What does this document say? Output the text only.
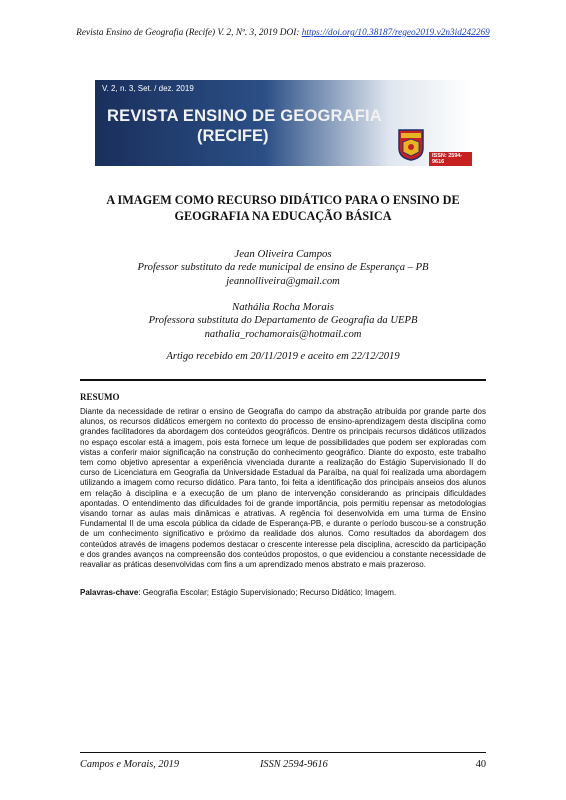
Revista Ensino de Geografia (Recife) V. 2, Nº. 3, 2019 DOI: https://doi.org/10.38187/regeo2019.v2n3id242269
V. 2, n. 3, Set. / dez. 2019
REVISTA ENSINO DE GEOGRAFIA
(RECIFE)
ISSN: 2594-9616
A IMAGEM COMO RECURSO DIDÁTICO PARA O ENSINO DE
GEOGRAFIA NA EDUCAÇÃO BÁSICA
Jean Oliveira Campos
Professor substituto da rede municipal de ensino de Esperança – PB
jeannolliveira@gmail.com
Nathália Rocha Morais
Professora substituta do Departamento de Geografia da UEPB
nathalia_rochamorais@hotmail.com
Artigo recebido em 20/11/2019 e aceito em 22/12/2019
RESUMO

Diante da necessidade de retirar o ensino de Geografia do campo da abstração atribuída por grande parte dos alunos, os recursos didáticos emergem no contexto do processo de ensino-aprendizagem desta disciplina como grandes facilitadores da abordagem dos conteúdos geográficos. Dentre os principais recursos didáticos utilizados no espaço escolar está a imagem, pois esta fornece um leque de possibilidades que podem ser exploradas com vistas a conferir maior significação na construção do conhecimento geográfico. Diante do exposto, este trabalho tem como objetivo apresentar a experiência vivenciada durante a realização do Estágio Supervisionado II do curso de Licenciatura em Geografia da Universidade Estadual da Paraíba, na qual foi realizada uma abordagem utilizando a imagem como recurso didático. Para tanto, foi feita a identificação dos principais anseios dos alunos em relação à disciplina e a execução de um plano de intervenção considerando as principais dificuldades apontadas. O entendimento das dificuldades foi de grande importância, pois permitiu repensar as metodologias visando tornar as aulas mais dinâmicas e atrativas. A regência foi desenvolvida em uma turma de Ensino Fundamental II de uma escola pública da cidade de Esperança-PB, e durante o período buscou-se a construção de um conhecimento significativo e próximo da realidade dos alunos. Como resultados da abordagem dos conteúdos através de imagens podemos destacar o crescente interesse pela disciplina, acrescido da participação e dos grandes avanços na compreensão dos conteúdos propostos, o que evidenciou a constante necessidade de reavaliar as práticas desenvolvidas com fins a um aprendizado menos abstrato e mais prazeroso.

Palavras-chave: Geografia Escolar; Estágio Supervisionado; Recurso Didático; Imagem.
Campos e Morais, 2019	ISSN 2594-9616	40
